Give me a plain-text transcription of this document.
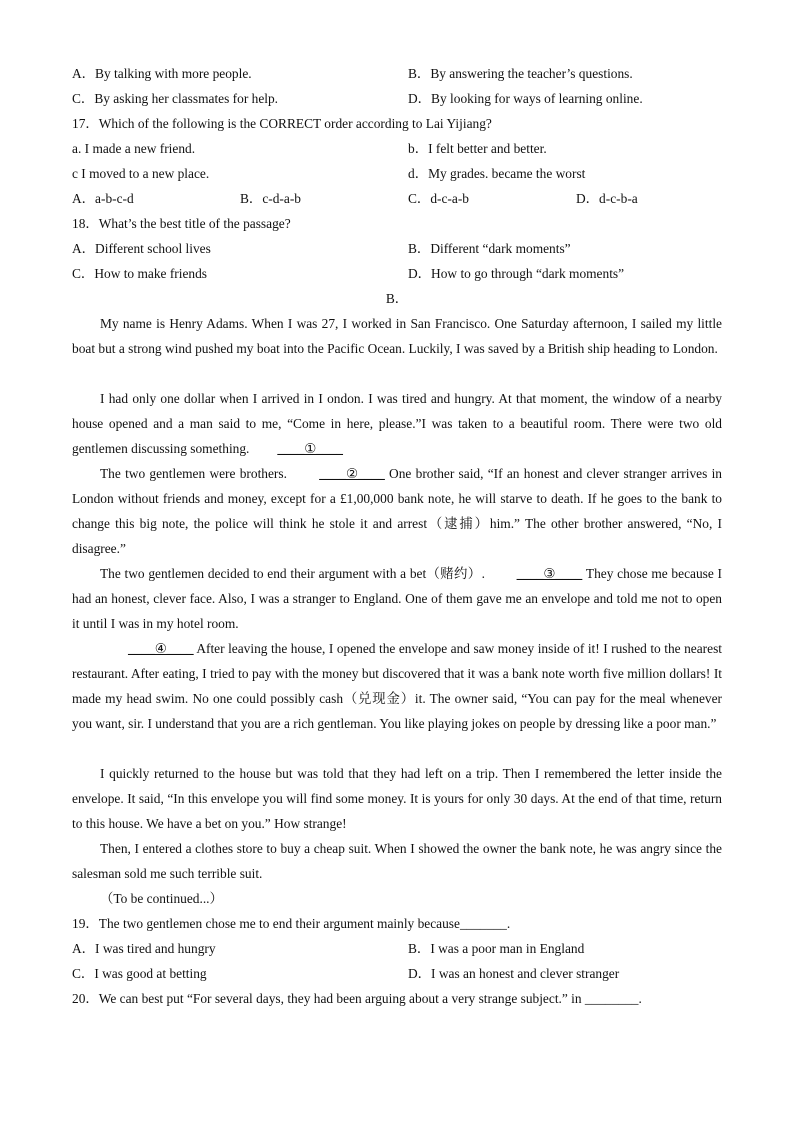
A．By talking with more people.	B．By answering the teacher’s questions.
C．By asking her classmates for help.	D．By looking for ways of learning online.
17．Which of the following is the CORRECT order according to Lai Yijiang?
a. I made a new friend.	b．I felt better and better.
c I moved to a new place.	d．My grades. became the worst
A．a-b-c-d	B．c-d-a-b	C．d-c-a-b	D．d-c-b-a
18．What’s the best title of the passage?
A．Different school lives	B．Different “dark moments”
C．How to make friends	D．How to go through “dark moments”
B．
My name is Henry Adams. When I was 27, I worked in San Francisco. One Saturday afternoon, I sailed my little boat but a strong wind pushed my boat into the Pacific Ocean. Luckily, I was saved by a British ship heading to London.
I had only one dollar when I arrived in I ondon. I was tired and hungry. At that moment, the window of a nearby house opened and a man said to me, “Come in here, please.”I was taken to a beautiful room. There were two old gentlemen discussing something. ____①____
The two gentlemen were brothers. ____②____ One brother said, “If an honest and clever stranger arrives in London without friends and money, except for a £1,00,000 bank note, he will starve to death. If he goes to the bank to change this big note, the police will think he stole it and arrest（逮捕）him.” The other brother answered, “No, I disagree.”
The two gentlemen decided to end their argument with a bet（赌约）. ____③____ They chose me because I had an honest, clever face. Also, I was a stranger to England. One of them gave me an envelope and told me not to open it until I was in my hotel room.
____④____ After leaving the house, I opened the envelope and saw money inside of it! I rushed to the nearest restaurant. After eating, I tried to pay with the money but discovered that it was a bank note worth five million dollars! It made my head swim. No one could possibly cash（兑现金）it. The owner said, “You can pay for the meal whenever you want, sir. I understand that you are a rich gentleman. You like playing jokes on people by dressing like a poor man.”
I quickly returned to the house but was told that they had left on a trip. Then I remembered the letter inside the envelope. It said, “In this envelope you will find some money. It is yours for only 30 days. At the end of that time, return to this house. We have a bet on you.” How strange!
Then, I entered a clothes store to buy a cheap suit. When I showed the owner the bank note, he was angry since the salesman sold me such terrible suit.
（To be continued...）
19．The two gentlemen chose me to end their argument mainly because_______.
A．I was tired and hungry	B．I was a poor man in England
C．I was good at betting	D．I was an honest and clever stranger
20．We can best put “For several days, they had been arguing about a very strange subject.” in ________.
